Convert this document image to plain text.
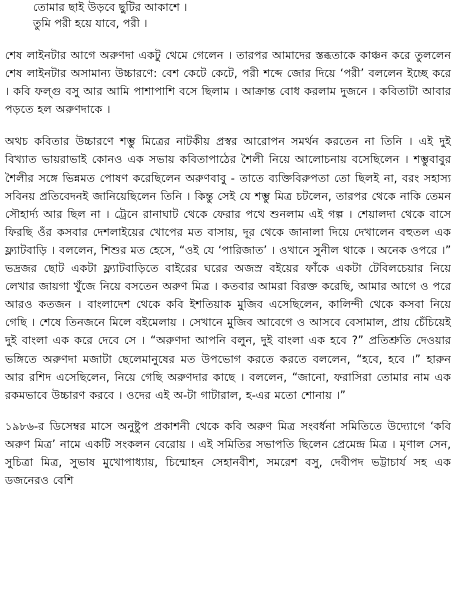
তোমার ছাই উড়বে ছুটির আকাশে ।
তুমি পরী হয়ে যাবে, পরী ।

শেষ লাইনটার আগে অরুণদা একটু থেমে গেলেন । তারপর আমাদের স্তব্ধতাকে কাঞ্চন করে তুললেন শেষ লাইনটার অসামান্য উচ্চারণে: বেশ কেটে কেটে, পরী শব্দে জোর দিয়ে ‘পরী’ বললেন ইচ্ছে করে । কবি ফল্গু বসু আর আমি পাশাপাশি বসে ছিলাম । আক্রান্ত বোধ করলাম দুজনে । কবিতাটা আবার পড়তে হল অরুণদাকে ।

অথচ কবিতার উচ্চারণে শম্ভু মিত্রের নাটকীয় প্রস্বর আরোপন সমর্থন করতেন না তিনি । এই দুই বিখ্যাত ভায়রাভাই কোনও এক সভায় কবিতাপাঠের শৈলী নিয়ে আলোচনায় বসেছিলেন । শম্ভুবাবুর শৈলীর সঙ্গে ভিন্নমত পোষণ করেছিলেন অরুণবাবু - তাতে ব্যক্তিবিরুপতা তো ছিলই না, বরং সহাস্য সবিনয় প্রতিবেদনই জানিয়েছিলেন তিনি । কিন্তু সেই যে শম্ভু মিত্র চটলেন, তারপর থেকে নাকি তেমন সৌহার্দ্য আর ছিল না । ট্রেনে রানাঘাট থেকে ফেরার পথে শুনলাম এই গল্প । শেয়ালদা থেকে বাসে ফিরছি ওঁর কসবার দেশলাইয়ের খোপের মত বাসায়, দূর থেকে জানালা দিয়ে দেখালেন বহুতল এক ফ্ল্যাটবাড়ি । বললেন, শিশুর মত হেসে, “ওই যে ‘পারিজাত’ । ওখানে সুনীল থাকে । অনেক ওপরে ।” ভদ্রজর ছোট একটা ফ্ল্যাটবাড়িতে বাইরের ঘরের অজস্র বইয়ের ফাঁকে একটা টেবিলচেয়ার নিয়ে লেখার জায়গা খুঁজে নিয়ে বসতেন অরুণ মিত্র । কতবার আমরা বিরক্ত করেছি, আমার আগে ও পরে আরও কতজন । বাংলাদেশ থেকে কবি ইশতিয়াক মুজিব এসেছিলেন, কালিন্দী থেকে কসবা নিয়ে গেছি । শেষে তিনজনে মিলে বইমেলায় । সেখানে মুজিব আবেগে ও আসবে বেসামাল, প্রায় চেঁচিয়েই দুই বাংলা এক করে দেবে সে । “অরুণদা আপনি বলুন, দুই বাংলা এক হবে ?” প্রতিশ্রুতি দেওয়ার ভঙ্গিতে অরুণদা মজাটা ছেলেমানুষের মত উপভোগ করতে করতে বললেন, “হবে, হবে ।” হারুন আর রশিদ এসেছিলেন, নিয়ে গেছি অরুণদার কাছে । বললেন, “জানো, ফরাসিরা তোমার নাম এক রকমভাবে উচ্চারণ করবে । ওদের এই অ-টা গাটারাল, হ-এর মতো শোনায় ।”

১৯৮৬-র ডিসেম্বর মাসে অনুষ্টুপ প্রকাশনী থেকে কবি অরুণ মিত্র সংবর্ধনা সমিতিতে উদ্যোগে ‘কবি অরুণ মিত্র’ নামে একটি সংকলন বেরোয় । এই সমিতির সভাপতি ছিলেন প্রেমেন্দ্র মিত্র । মৃণাল সেন, সুচিত্রা মিত্র, সুভাষ মুখোপাধ্যায়, চিন্মোহন সেহানবীশ, সমরেশ বসু, দেবীপদ ভট্টাচার্য সহ এক ডজনেরও বেশি
